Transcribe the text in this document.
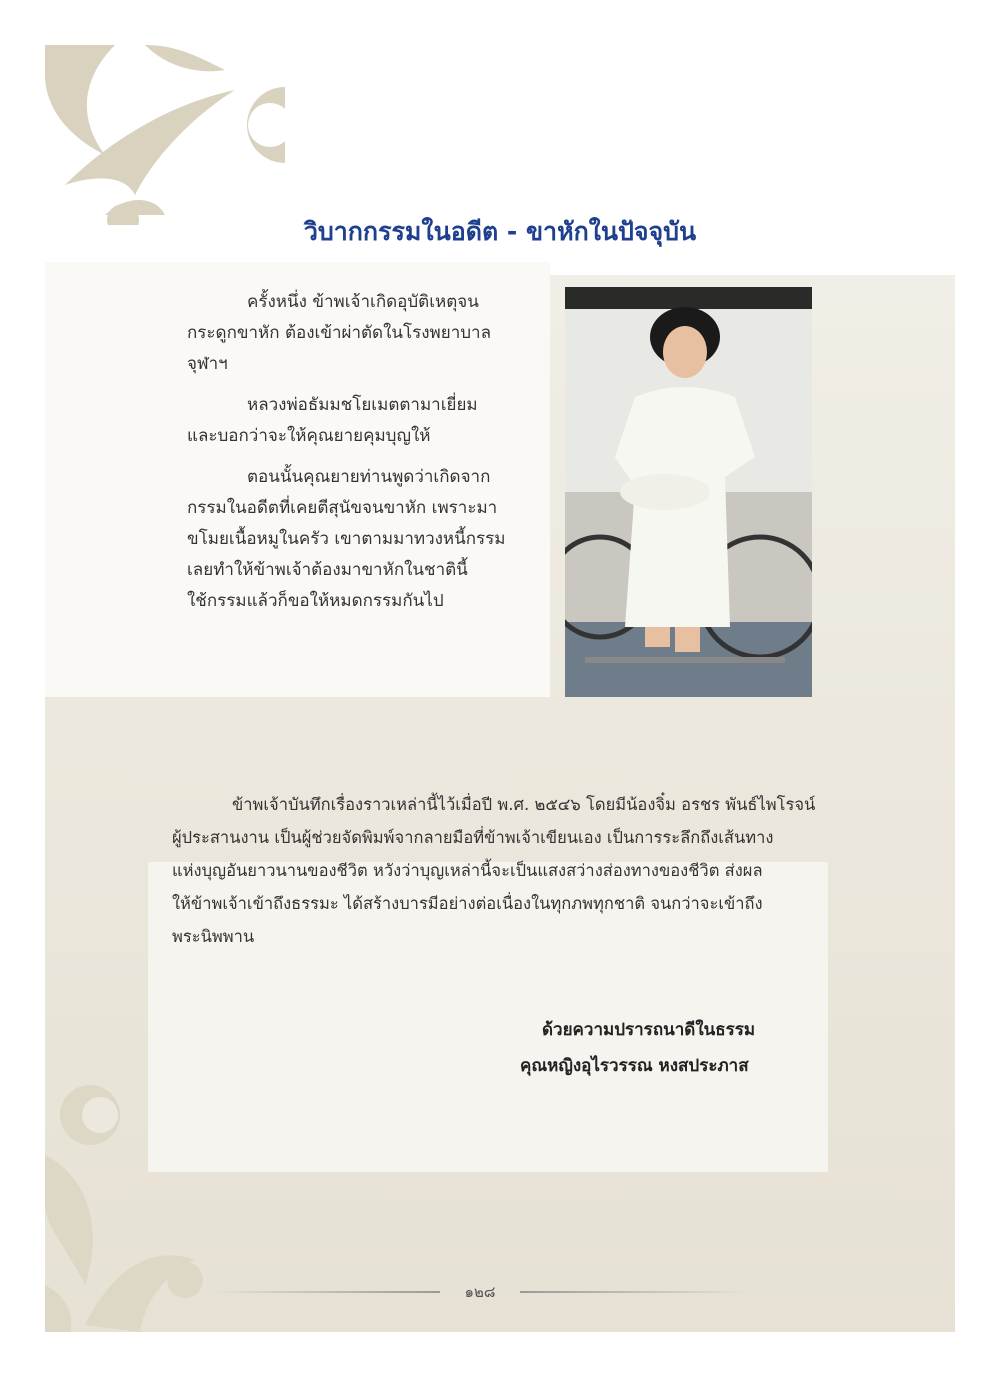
วิบากกรรมในอดีต - ขาหักในปัจจุบัน

ครั้งหนึ่ง ข้าพเจ้าเกิดอุบัติเหตุจน
กระดูกขาหัก ต้องเข้าผ่าตัดในโรงพยาบาล
จุฬาฯ

หลวงพ่อธัมมชโยเมตตามาเยี่ยม
และบอกว่าจะให้คุณยายคุมบุญให้

ตอนนั้นคุณยายท่านพูดว่าเกิดจาก
กรรมในอดีตที่เคยตีสุนัขจนขาหัก เพราะมา
ขโมยเนื้อหมูในครัว เขาตามมาทวงหนี้กรรม
เลยทำให้ข้าพเจ้าต้องมาขาหักในชาตินี้
ใช้กรรมแล้วก็ขอให้หมดกรรมกันไป

ข้าพเจ้าบันทึกเรื่องราวเหล่านี้ไว้เมื่อปี พ.ศ. ๒๕๔๖ โดยมีน้องจิ๋ม อรชร พันธ์ไพโรจน์
ผู้ประสานงาน เป็นผู้ช่วยจัดพิมพ์จากลายมือที่ข้าพเจ้าเขียนเอง เป็นการระลึกถึงเส้นทาง
แห่งบุญอันยาวนานของชีวิต หวังว่าบุญเหล่านี้จะเป็นแสงสว่างส่องทางของชีวิต ส่งผล
ให้ข้าพเจ้าเข้าถึงธรรมะ ได้สร้างบารมีอย่างต่อเนื่องในทุกภพทุกชาติ จนกว่าจะเข้าถึง
พระนิพพาน
ด้วยความปรารถนาดีในธรรม
คุณหญิงอุไรวรรณ หงสประภาส
๑๒๘
